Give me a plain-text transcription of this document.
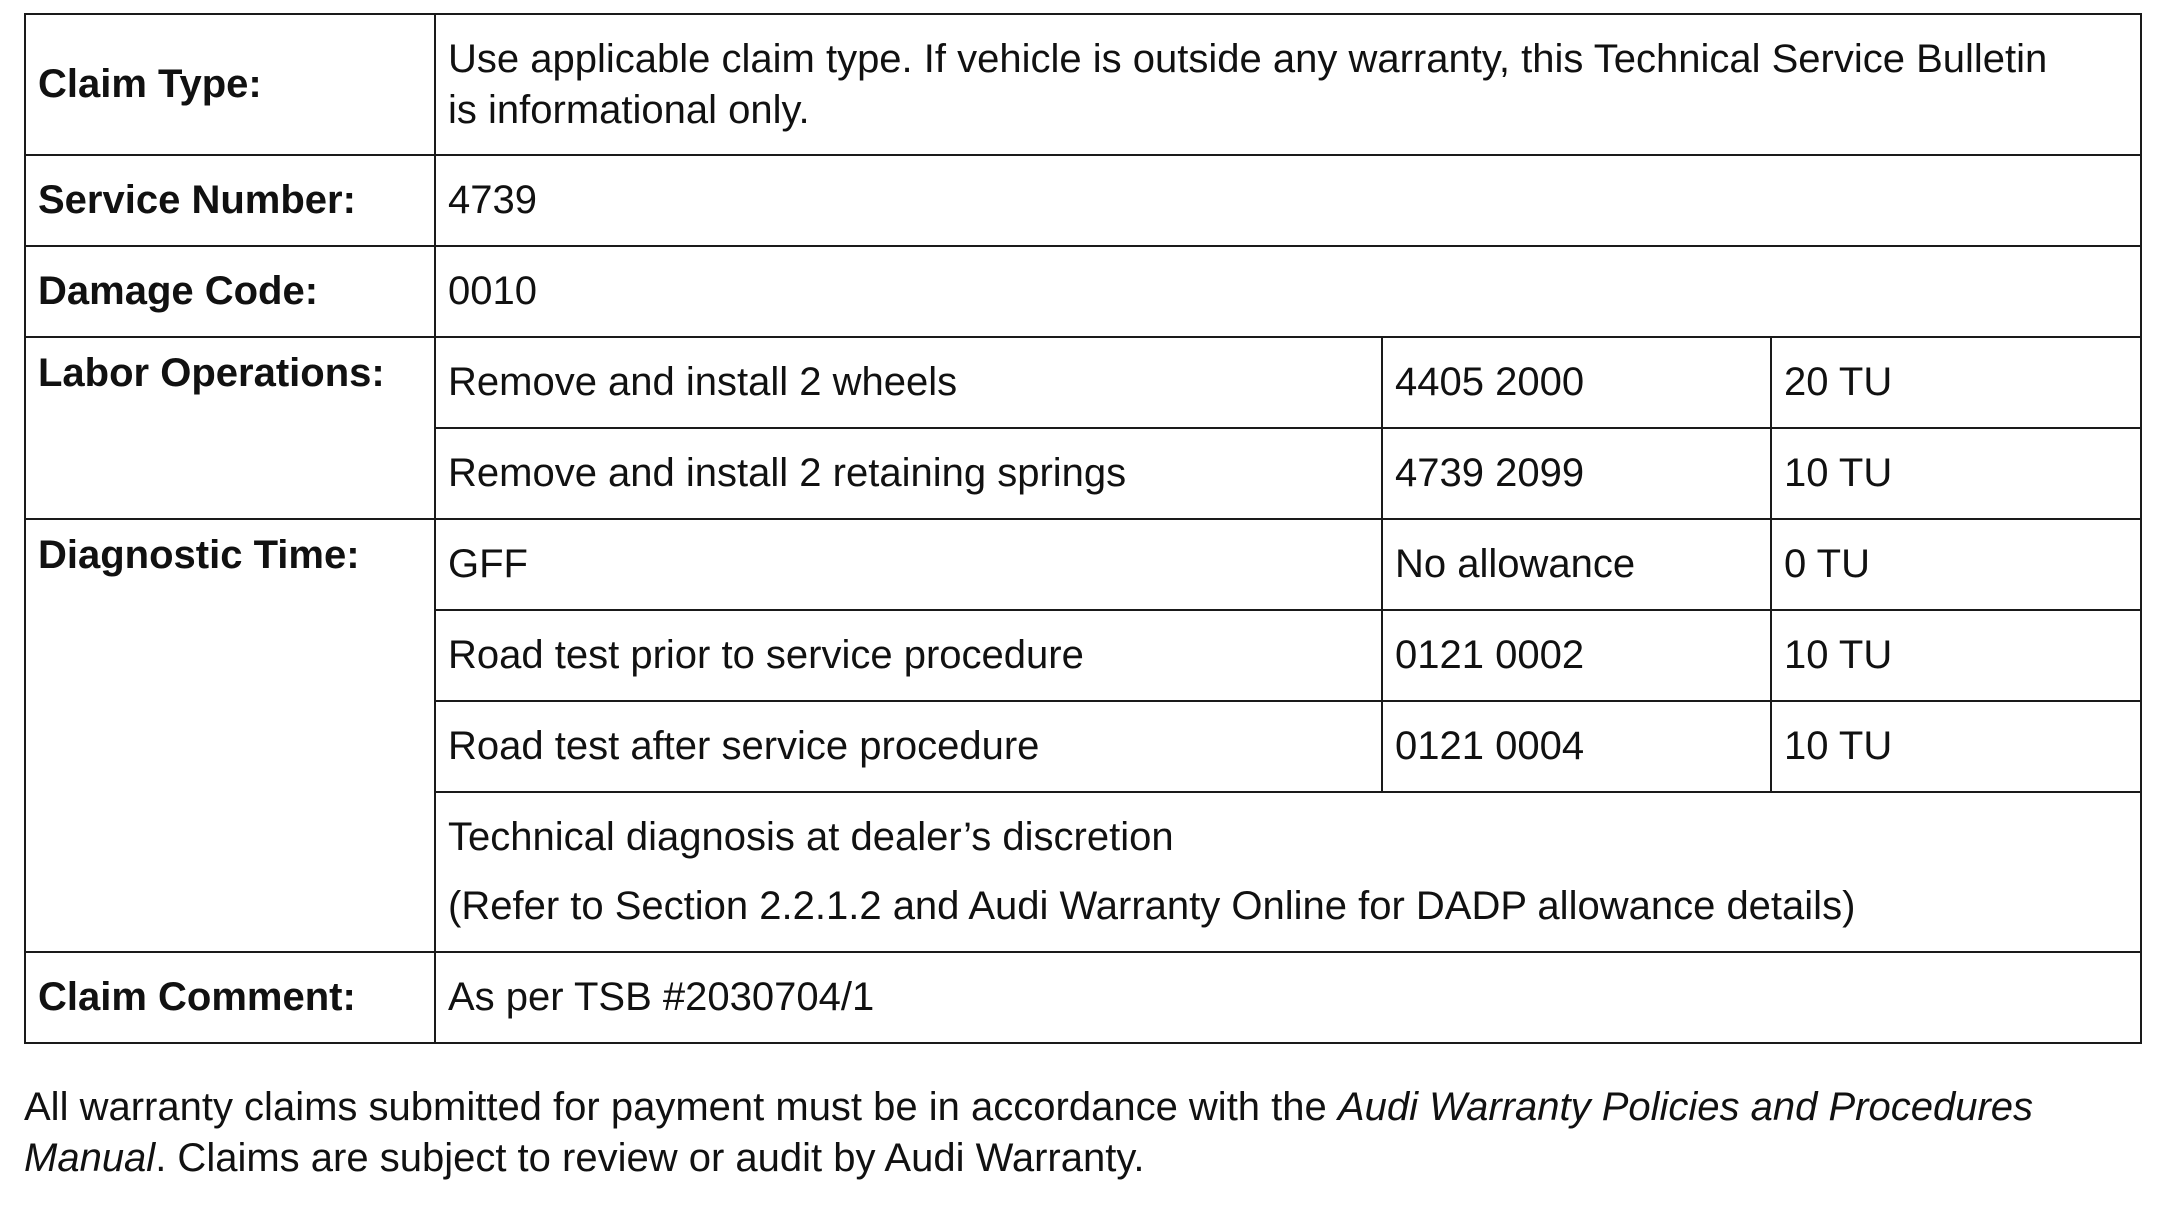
Claim Type:	Use applicable claim type. If vehicle is outside any warranty, this Technical Service Bulletin
is informational only.		

Service Number:	4739		
Damage Code:	0010		
Labor Operations:	Remove and install 2 wheels	4405 2000	20 TU
	Remove and install 2 retaining springs	4739 2099	10 TU
Diagnostic Time:	GFF	No allowance	0 TU
	Road test prior to service procedure	0121 0002	10 TU
	Road test after service procedure	0121 0004	10 TU

	Technical diagnosis at dealer’s discretion
(Refer to Section 2.2.1.2 and Audi Warranty Online for DADP allowance details)		

Claim Comment:	As per TSB #2030704/1		

All warranty claims submitted for payment must be in accordance with the Audi Warranty Policies and Procedures Manual. Claims are subject to review or audit by Audi Warranty.
